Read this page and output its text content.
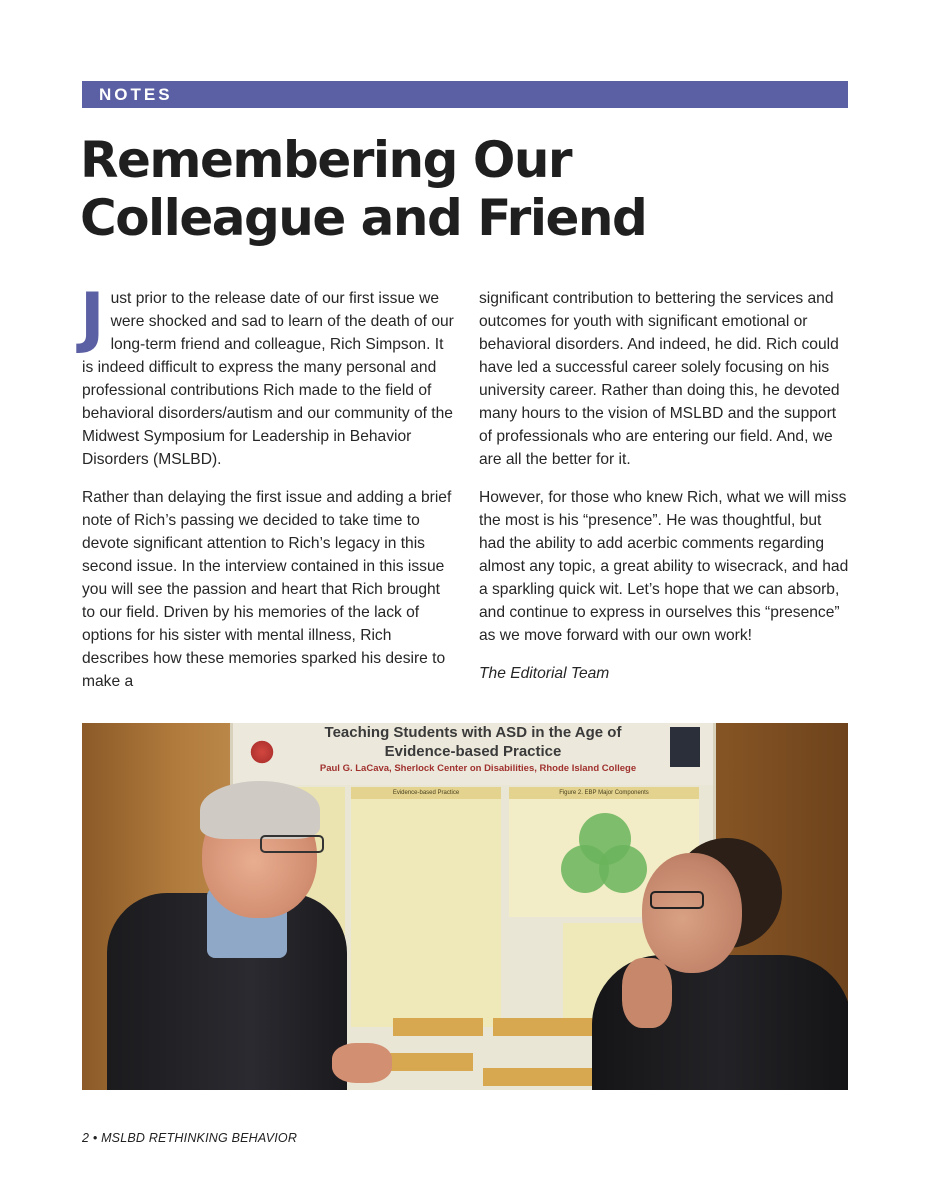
NOTES
Remembering Our
Colleague and Friend

Just prior to the release date of our first issue we were shocked and sad to learn of the death of our long-term friend and colleague, Rich Simpson. It is indeed difficult to express the many personal and professional contributions Rich made to the field of behavioral disorders/autism and our community of the Midwest Symposium for Leadership in Behavior Disorders (MSLBD).

Rather than delaying the first issue and adding a brief note of Rich’s passing we decided to take time to devote significant attention to Rich’s legacy in this second issue. In the interview contained in this issue you will see the passion and heart that Rich brought to our field. Driven by his memories of the lack of options for his sister with mental illness, Rich describes how these memories sparked his desire to make a

significant contribution to bettering the services and outcomes for youth with significant emotional or behavioral disorders. And indeed, he did. Rich could have led a successful career solely focusing on his university career. Rather than doing this, he devoted many hours to the vision of MSLBD and the support of professionals who are entering our field. And, we are all the better for it.

However, for those who knew Rich, what we will miss the most is his “presence”. He was thoughtful, but had the ability to add acerbic comments regarding almost any topic, a great ability to wisecrack, and had a sparkling quick wit. Let’s hope that we can absorb, and continue to express in ourselves this “presence” as we move forward with our own work!

The Editorial Team

Teaching Students with ASD in the Age of
Evidence-based Practice
Paul G. LaCava, Sherlock Center on Disabilities, Rhode Island College
Evidence-based Practice	Figure 2. EBP Major Components
2 • MSLBD RETHINKING BEHAVIOR
